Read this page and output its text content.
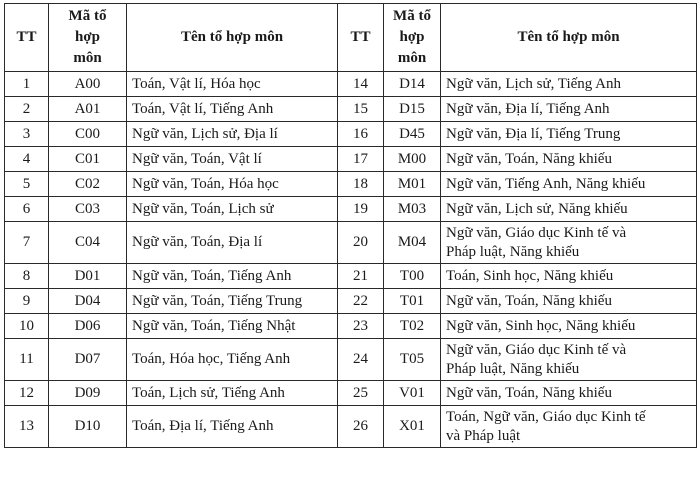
TT	Mã tổ
hợp
môn	Tên tổ hợp môn	TT	Mã tổ
hợp
môn	Tên tổ hợp môn
1	A00	Toán, Vật lí, Hóa học	14	D14	Ngữ văn, Lịch sử, Tiếng Anh
2	A01	Toán, Vật lí, Tiếng Anh	15	D15	Ngữ văn, Địa lí, Tiếng Anh
3	C00	Ngữ văn, Lịch sử, Địa lí	16	D45	Ngữ văn, Địa lí, Tiếng Trung
4	C01	Ngữ văn, Toán, Vật lí	17	M00	Ngữ văn, Toán, Năng khiếu
5	C02	Ngữ văn, Toán, Hóa học	18	M01	Ngữ văn, Tiếng Anh, Năng khiếu
6	C03	Ngữ văn, Toán, Lịch sử	19	M03	Ngữ văn, Lịch sử, Năng khiếu
7	C04	Ngữ văn, Toán, Địa lí	20	M04	Ngữ văn, Giáo dục Kinh tế và
Pháp luật, Năng khiếu
8	D01	Ngữ văn, Toán, Tiếng Anh	21	T00	Toán, Sinh học, Năng khiếu
9	D04	Ngữ văn, Toán, Tiếng Trung	22	T01	Ngữ văn, Toán, Năng khiếu
10	D06	Ngữ văn, Toán, Tiếng Nhật	23	T02	Ngữ văn, Sinh học, Năng khiếu
11	D07	Toán, Hóa học, Tiếng Anh	24	T05	Ngữ văn, Giáo dục Kinh tế và
Pháp luật, Năng khiếu
12	D09	Toán, Lịch sử, Tiếng Anh	25	V01	Ngữ văn, Toán, Năng khiếu
13	D10	Toán, Địa lí, Tiếng Anh	26	X01	Toán, Ngữ văn, Giáo dục Kinh tế
và Pháp luật
